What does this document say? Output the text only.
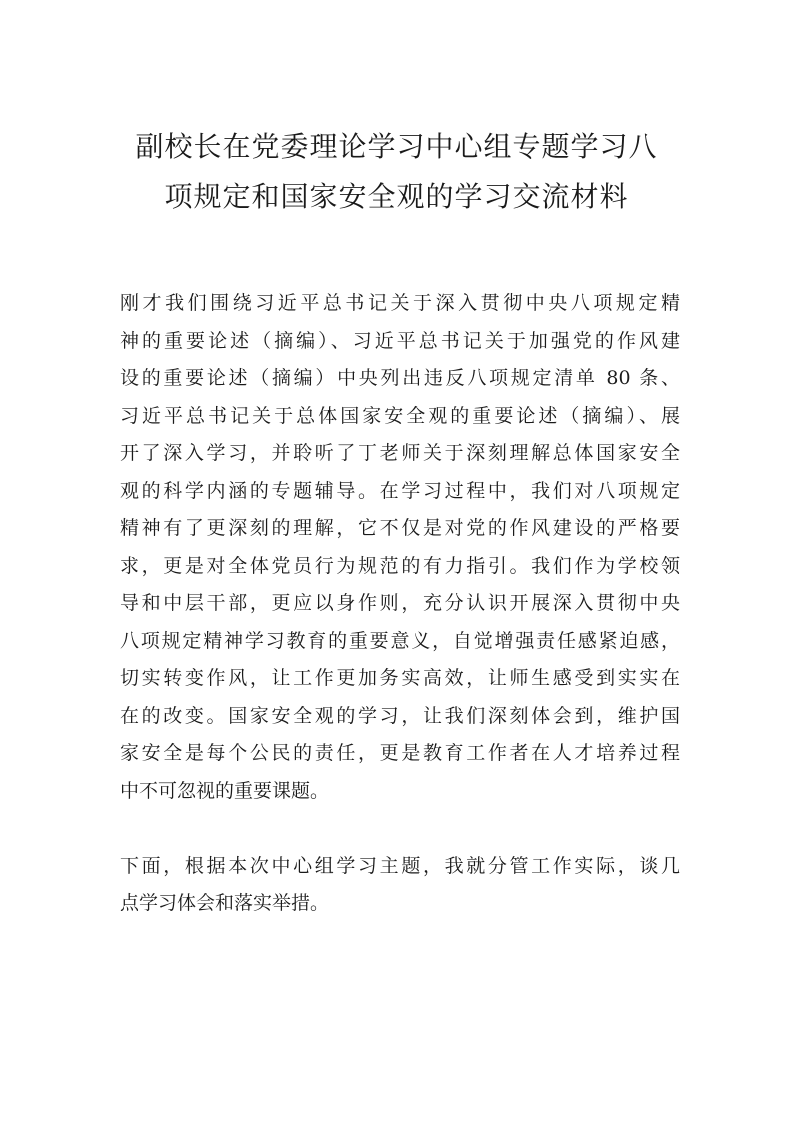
副校长在党委理论学习中心组专题学习八
项规定和国家安全观的学习交流材料
刚才我们围绕习近平总书记关于深入贯彻中央八项规定精
神的重要论述（摘编）、习近平总书记关于加强党的作风建
设的重要论述（摘编）中央列出违反八项规定清单 80 条、
习近平总书记关于总体国家安全观的重要论述（摘编）、展
开了深入学习，并聆听了丁老师关于深刻理解总体国家安全
观的科学内涵的专题辅导。在学习过程中，我们对八项规定
精神有了更深刻的理解，它不仅是对党的作风建设的严格要
求，更是对全体党员行为规范的有力指引。我们作为学校领
导和中层干部，更应以身作则，充分认识开展深入贯彻中央
八项规定精神学习教育的重要意义，自觉增强责任感紧迫感，
切实转变作风，让工作更加务实高效，让师生感受到实实在
在的改变。国家安全观的学习，让我们深刻体会到，维护国
家安全是每个公民的责任，更是教育工作者在人才培养过程
中不可忽视的重要课题。
下面，根据本次中心组学习主题，我就分管工作实际，谈几
点学习体会和落实举措。
